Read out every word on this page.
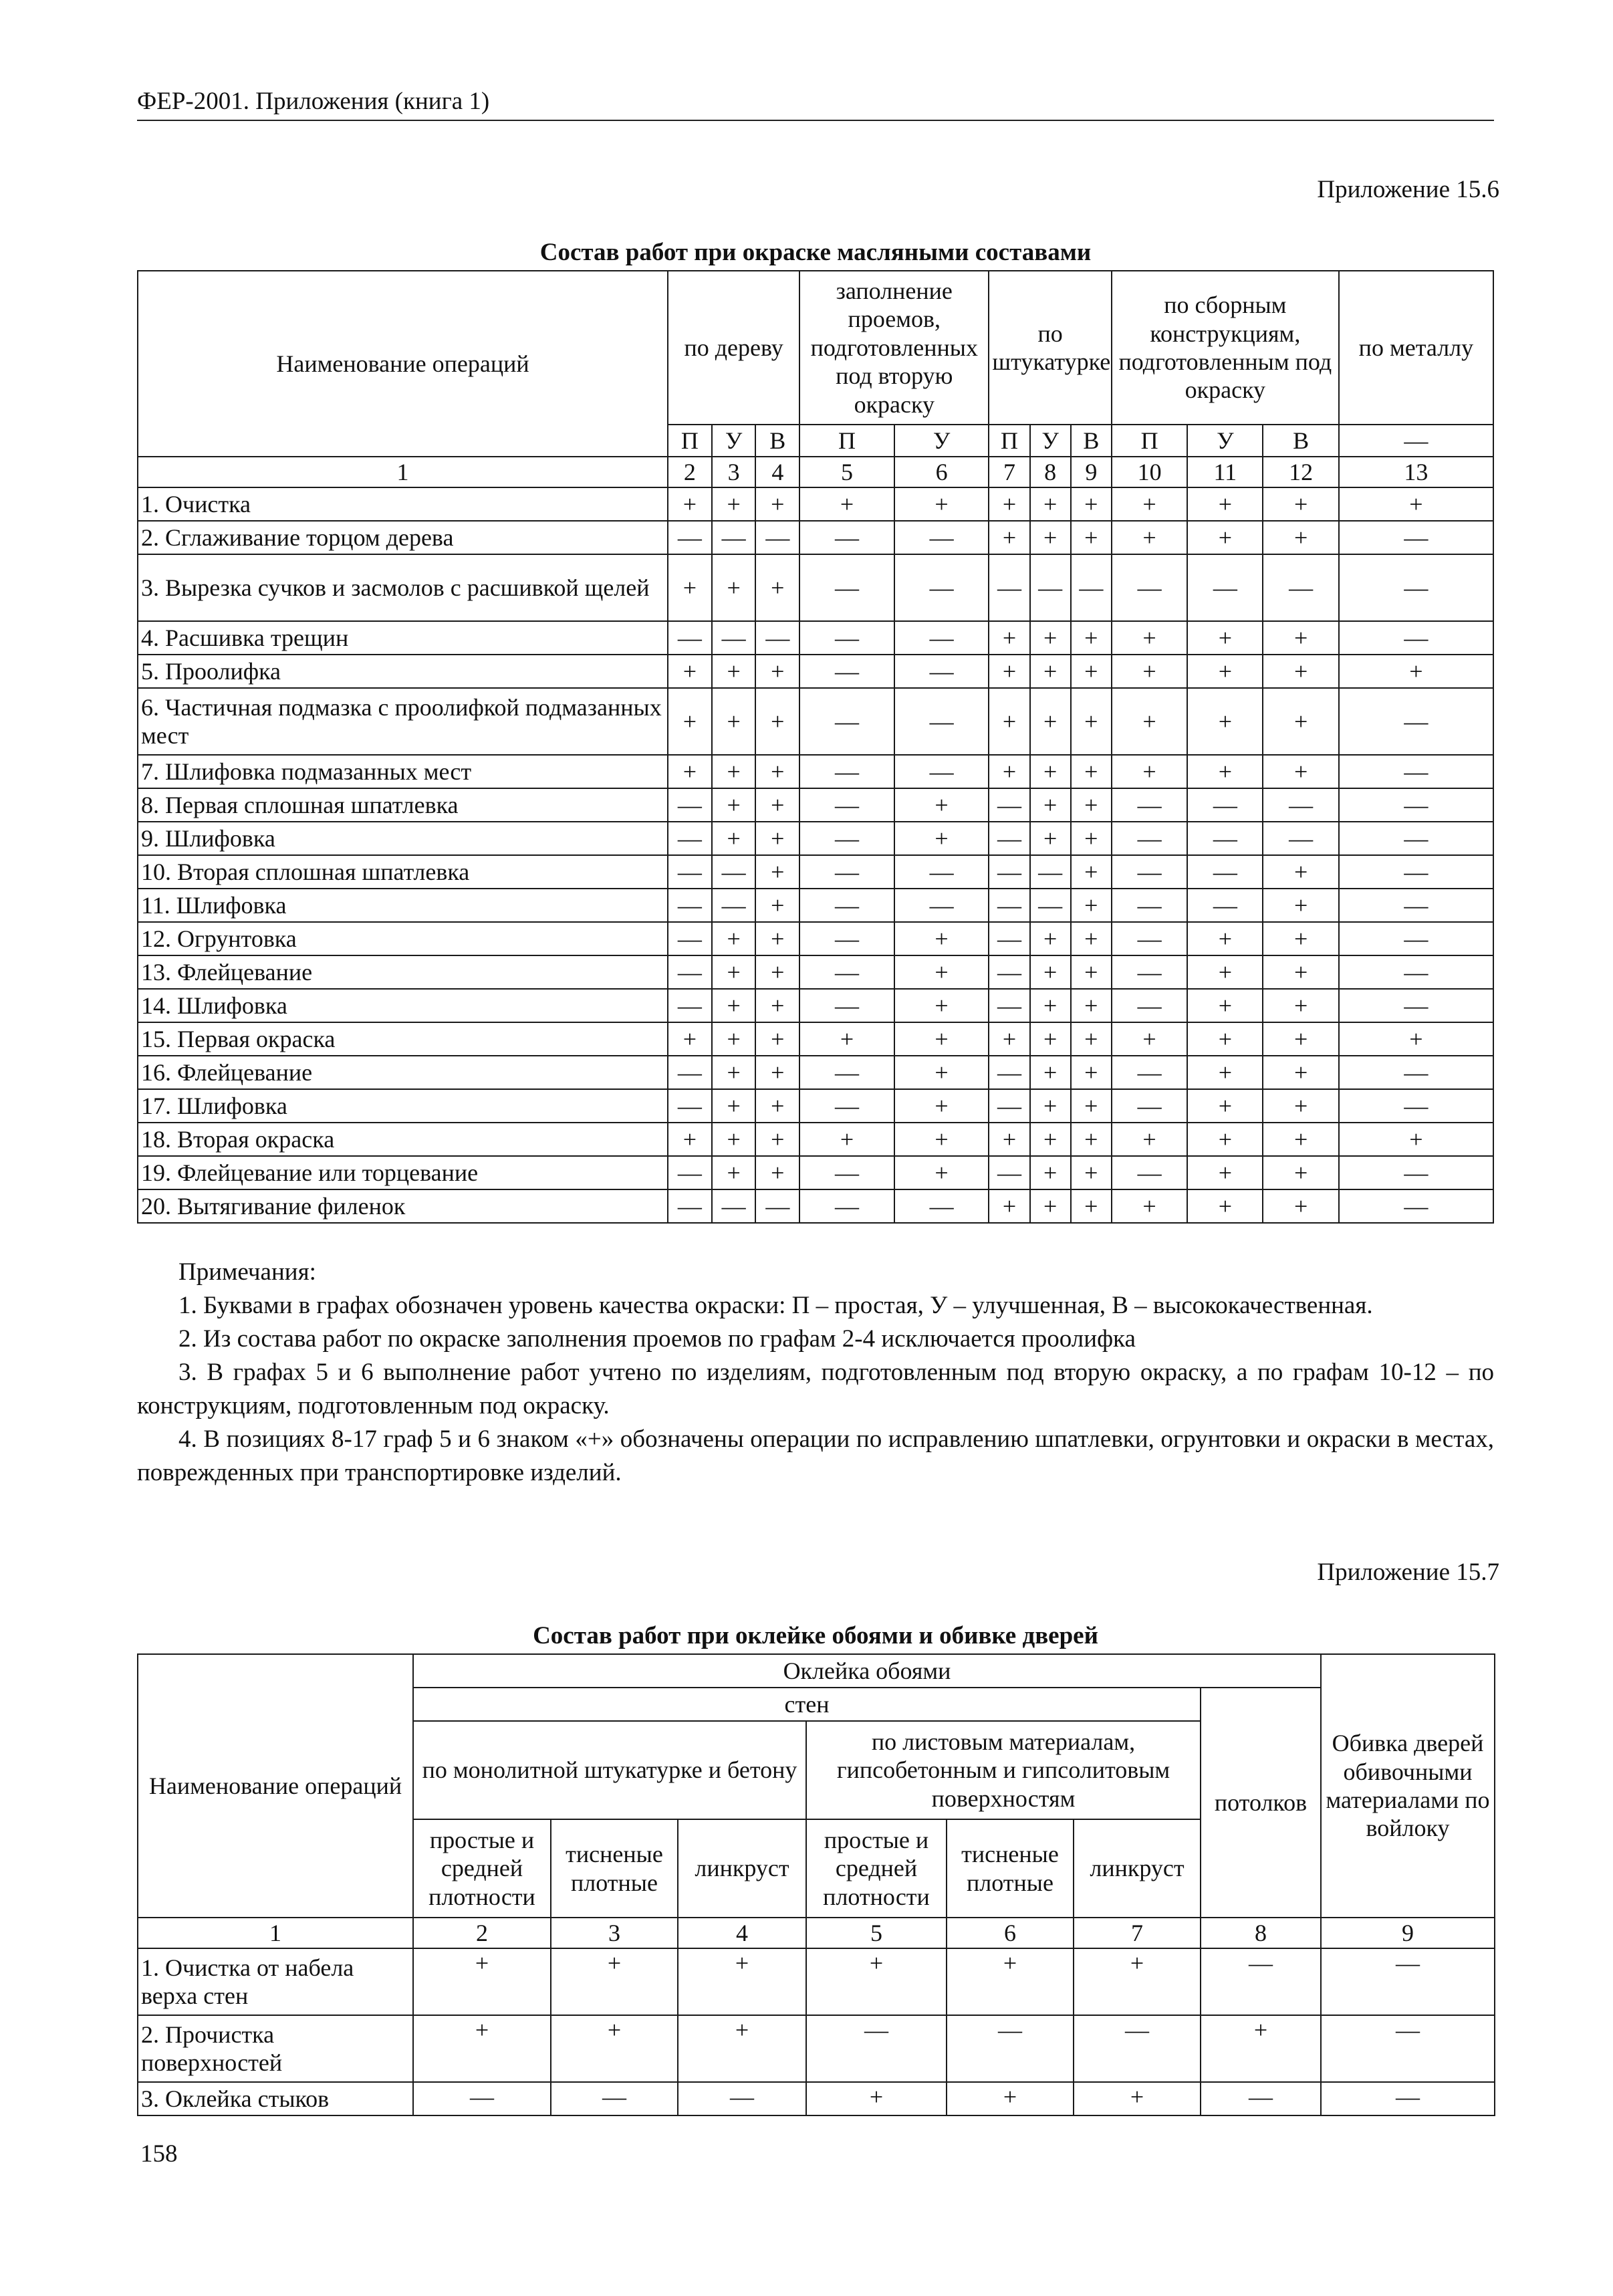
ФЕР-2001. Приложения (книга 1)
Приложение 15.6
Состав работ при окраске масляными составами
Наименование операций	по дереву			заполнение проемов, подготовленных под вторую окраску		по штукатурке			по сборным конструкциям, подготовленным под окраску			по металлу
	П	У	В	П	У	П	У	В	П	У	В	—
1	2	3	4	5	6	7	8	9	10	11	12	13
1. Очистка	+	+	+	+	+	+	+	+	+	+	+	+
2. Сглаживание торцом дерева	—	—	—	—	—	+	+	+	+	+	+	—
3. Вырезка сучков и засмолов с расшивкой щелей	+	+	+	—	—	—	—	—	—	—	—	—
4. Расшивка трещин	—	—	—	—	—	+	+	+	+	+	+	—
5. Проолифка	+	+	+	—	—	+	+	+	+	+	+	+
6. Частичная подмазка с проолифкой подмазанных мест	+	+	+	—	—	+	+	+	+	+	+	—
7. Шлифовка подмазанных мест	+	+	+	—	—	+	+	+	+	+	+	—
8. Первая сплошная шпатлевка	—	+	+	—	+	—	+	+	—	—	—	—
9. Шлифовка	—	+	+	—	+	—	+	+	—	—	—	—
10. Вторая сплошная шпатлевка	—	—	+	—	—	—	—	+	—	—	+	—
11. Шлифовка	—	—	+	—	—	—	—	+	—	—	+	—
12. Огрунтовка	—	+	+	—	+	—	+	+	—	+	+	—
13. Флейцевание	—	+	+	—	+	—	+	+	—	+	+	—
14. Шлифовка	—	+	+	—	+	—	+	+	—	+	+	—
15. Первая окраска	+	+	+	+	+	+	+	+	+	+	+	+
16. Флейцевание	—	+	+	—	+	—	+	+	—	+	+	—
17. Шлифовка	—	+	+	—	+	—	+	+	—	+	+	—
18. Вторая окраска	+	+	+	+	+	+	+	+	+	+	+	+
19. Флейцевание или торцевание	—	+	+	—	+	—	+	+	—	+	+	—
20. Вытягивание филенок	—	—	—	—	—	+	+	+	+	+	+	—

Примечания:

1. Буквами в графах обозначен уровень качества окраски: П – простая, У – улучшенная, В – высококачественная.

2. Из состава работ по окраске заполнения проемов по графам 2-4 исключается проолифка

3. В графах 5 и 6 выполнение работ учтено по изделиям, подготовленным под вторую окраску, а по графам 10-12 – по конструкциям, подготовленным под окраску.

4. В позициях 8-17 граф 5 и 6 знаком «+» обозначены операции по исправлению шпатлевки, огрунтовки и окраски в местах, поврежденных при транспортировке изделий.

Приложение 15.7
Состав работ при оклейке обоями и обивке дверей
Наименование операций	Оклейка обоями							Обивка дверей обивочными материалами по войлоку
	стен						потолков	
	по монолитной штукатурке и бетону			по листовым материалам, гипсобетонным и гипсолитовым поверхностям				
	простые и средней плотности	тисненые плотные	линкруст	простые и средней плотности	тисненые плотные	линкруст		
1	2	3	4	5	6	7	8	9
1. Очистка от набела верха стен	+	+	+	+	+	+	—	—
2. Прочистка поверхностей	+	+	+	—	—	—	+	—
3. Оклейка стыков	—	—	—	+	+	+	—	—
158
